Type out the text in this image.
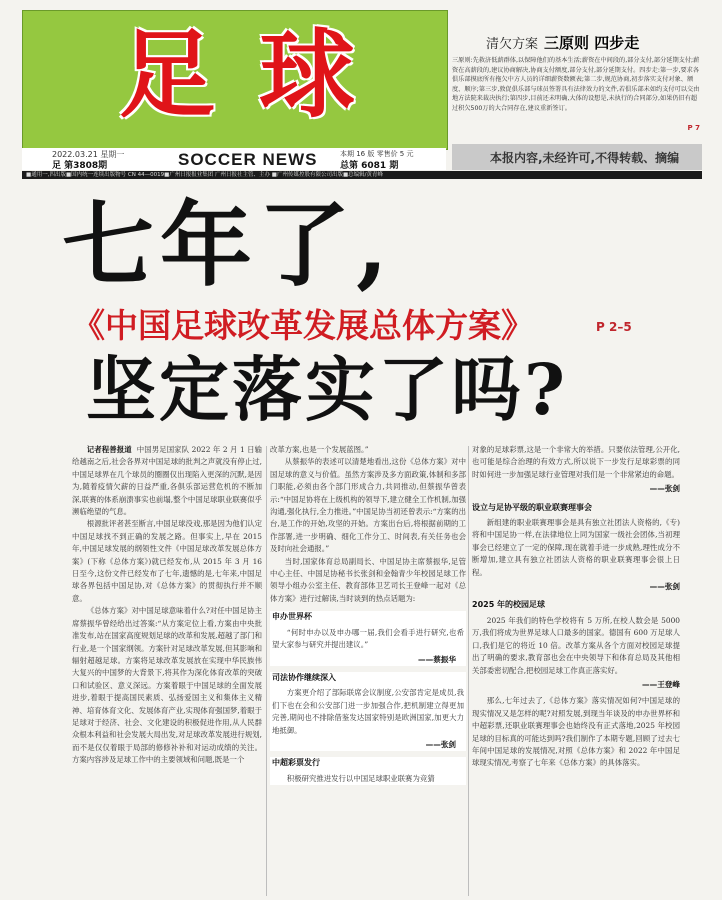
足 球
2022.03.21 星期一
足 第3808期	SOCCER NEWS	本期 16 版 零售价 5 元
总第 6081 期
清欠方案 三原则 四步走
三原则:先救济低薪群体,以保障他们的基本生活;薪资在中间段的,部分支付,部分延期支付;薪资在高薪段的,建议协商解决,协商支付额度,部分支付,部分延期支付。四步走:第一步,要求各俱乐部摸底所有拖欠中方人员的详细薪资数额表;第二步,规范协商,初步落实支付对象、额度、顺序;第三步,敦促俱乐部与球员签署具有法律效力的文件,若俱乐部未如约支付可以交由地方法院来裁决执行;第四步,目前还未明确,大体的设想是,未执行的合同部分,如果仍旧有超过积欠500万的大合同存在,建议重新签订。
P 7
本报内容,未经许可,不得转载、摘编
■通用一,四出版■国内统一连续出版物号 CN 44—0019■广州日报报业集团 广州日报社主管、主办 ■广州传媒控股有限公司出版■总编辑/黄青峰
七年了,
《中国足球改革发展总体方案》	P 2–5
坚定落实了吗?

记者程善报道 中国男足国家队 2022 年 2 月 1 日输给越南之后,社会各界对中国足球的批判之声就没有停止过,中国足球界在几个球员的圈圈仅出现陷入更深的沉默,是因为,随着疫情欠薪的日益严重,各俱乐部运营危机的不断加深,联赛的体系崩溃事实也前塌,整个中国足球职业联赛似乎濒临绝望的气息。

根源批评者甚至断言,中国足球没戏,那是因为他们认定中国足球找不到正确的发展之路。但事实上,早在 2015 年,中国足球发展的纲领性文件《中国足球改革发展总体方案》(下称《总体方案》)就已经发布,从 2015 年 3 月 16 日至今,这份文件已经发布了七年,遗憾的是,七年来,中国足球各界包括中国足协,对《总体方案》的贯彻执行并不顺意。

《总体方案》对中国足球意味着什么?对任中国足协主席蔡振华曾经给出过答案:“从方案定位上看,方案由中央批准发布,站在国家高度规划足球的改革和发展,超越了部门和行业,是一个国家纲领。方案针对足球改革发展,但其影响和辐射超越足球。方案将足球改革发展放在实现中华民族伟大复兴的中国梦的大背景下,将其作为深化体育改革的突破口和试验区、意义深远。方案着眼于中国足球的全面发展进步,着眼于提高国民素质、弘扬爱国主义和集体主义精神、培育体育文化、发展体育产业,实现体育强国梦,着眼于足球对于经济、社会、文化建设的积极促进作用,从人民群众根本利益和社会发展大局出发,对足球改革发展进行规划,而不是仅仅着眼于局部的修修补补和对运动成绩的关注。方案内容涉及足球工作中的主要领域和问题,既是一个

改革方案,也是一个发展蓝图。”

从蔡振华的表述可以清楚地看出,这份《总体方案》对中国足球的意义与价值。虽然方案涉及多方面政策,体制和多部门职能,必须由各个部门形成合力,共同推动,但蔡振华曾表示:“中国足协将在上级机构的领导下,建立健全工作机制,加强沟通,强化执行,全力推进。”中国足协当初还曾表示:“方案的出台,是工作的开始,攻坚的开始。方案出台后,将根据前期的工作部署,进一步明确、细化工作分工、时间表,有关任务也会及时向社会通报。”

当时,国家体育总局副局长、中国足协主席蔡振华,足管中心主任、中国足协秘书长张剑和金翰青少年校园足球工作领导小组办公室主任、教育部体卫艺司长王登峰一起对《总体方案》进行过解读,当时谈到的热点话题为:

申办世界杯

“何时申办以及申办哪一届,我们会看手进行研究,也希望大家参与研究并提出建议。”

——蔡振华
司法协作继续深入

方案更介绍了部际联席会议制度,公安部肯定是成员,我们下也在会和公安部门进一步加强合作,把机制建立得更加完善,期间也不排除借鉴发达国家特别是欧洲国家,加更大力地抵御。

——张剑
中超彩票发行

积极研究推进发行以中国足球职业联赛为竞猜

对象的足球彩票,这是一个非常大的举措。只要依法管理,公开化,也可能是综合治理的有效方式,所以说下一步发行足球彩票的同时如何进一步加强足球行业管理对我们是一个非常紧迫的命题。

——张剑
设立与足协平级的职业联赛理事会

新组建的职业联赛理事会是具有独立社团法人资格的,《专)将和中国足协一样,在法律地位上同为国家一级社会团体,当初理事会已经建立了一定的保障,现在就着手进一步成熟,理性成分不断增加,建立具有独立社团法人资格的职业联赛理事会很上日程。

——张剑
2025 年的校园足球

2025 年我们的特色学校将有 5 万所,在校人数会是 5000 万,我们将成为世界足球人口最多的国家。德国有 600 万足球人口,我们是它的将近 10 倍。改革方案从各个方面对校园足球提出了明确的要求,教育部也会在中央领导下和体育总局及其他相关部委密切配合,把校园足球工作真正落实好。

——王登峰

那么,七年过去了,《总体方案》落实情况如何?中国足球的现实情况又是怎样的呢?对照发展,到现当年谈及的申办世界杯和中超彩票,还职业联赛理事会也始终没有正式落地,2025 年校园足球的目标真的可能达到吗?我们制作了本期专题,回顾了过去七年间中国足球的发展情况,对照《总体方案》和 2022 年中国足球现实情况,考察了七年来《总体方案》的具体落实。
